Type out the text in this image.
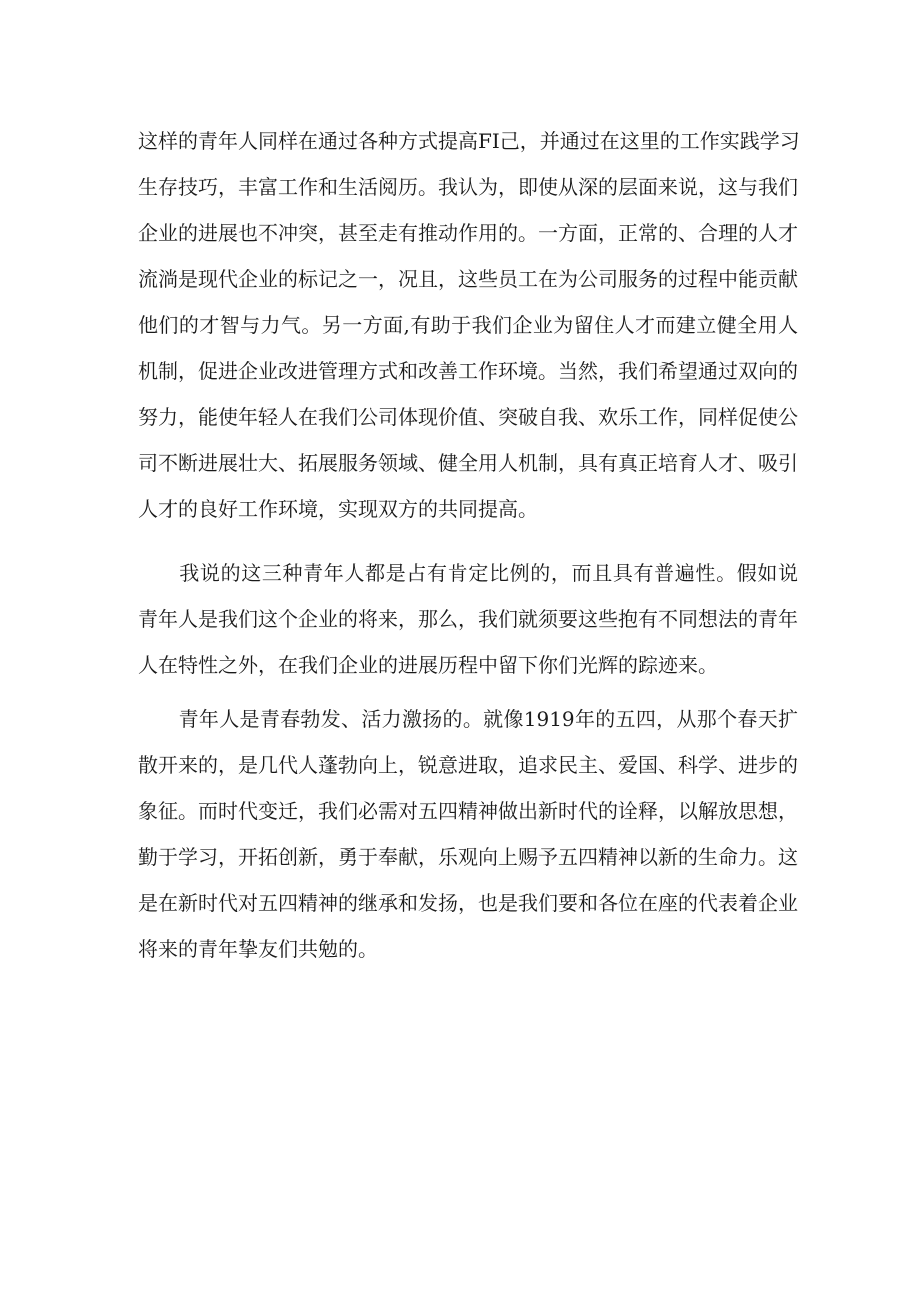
这样的青年人同样在通过各种方式提高FI己，并通过在这里的工作实践学习
生存技巧，丰富工作和生活阅历。我认为，即使从深的层面来说，这与我们
企业的进展也不冲突，甚至走有推动作用的。一方面，正常的、合理的人才
流淌是现代企业的标记之一，况且，这些员工在为公司服务的过程中能贡献
他们的才智与力气。另一方面,有助于我们企业为留住人才而建立健全用人
机制，促进企业改进管理方式和改善工作环境。当然，我们希望通过双向的
努力，能使年轻人在我们公司体现价值、突破自我、欢乐工作，同样促使公
司不断进展壮大、拓展服务领域、健全用人机制，具有真正培育人才、吸引
人才的良好工作环境，实现双方的共同提高。
　　我说的这三种青年人都是占有肯定比例的，而且具有普遍性。假如说
青年人是我们这个企业的将来，那么，我们就须要这些抱有不同想法的青年
人在特性之外，在我们企业的进展历程中留下你们光辉的踪迹来。
　　青年人是青春勃发、活力激扬的。就像1919年的五四，从那个春天扩
散开来的，是几代人蓬勃向上，锐意进取，追求民主、爱国、科学、进步的
象征。而时代变迁，我们必需对五四精神做出新时代的诠释，以解放思想，
勤于学习，开拓创新，勇于奉献，乐观向上赐予五四精神以新的生命力。这
是在新时代对五四精神的继承和发扬，也是我们要和各位在座的代表着企业
将来的青年挚友们共勉的。
